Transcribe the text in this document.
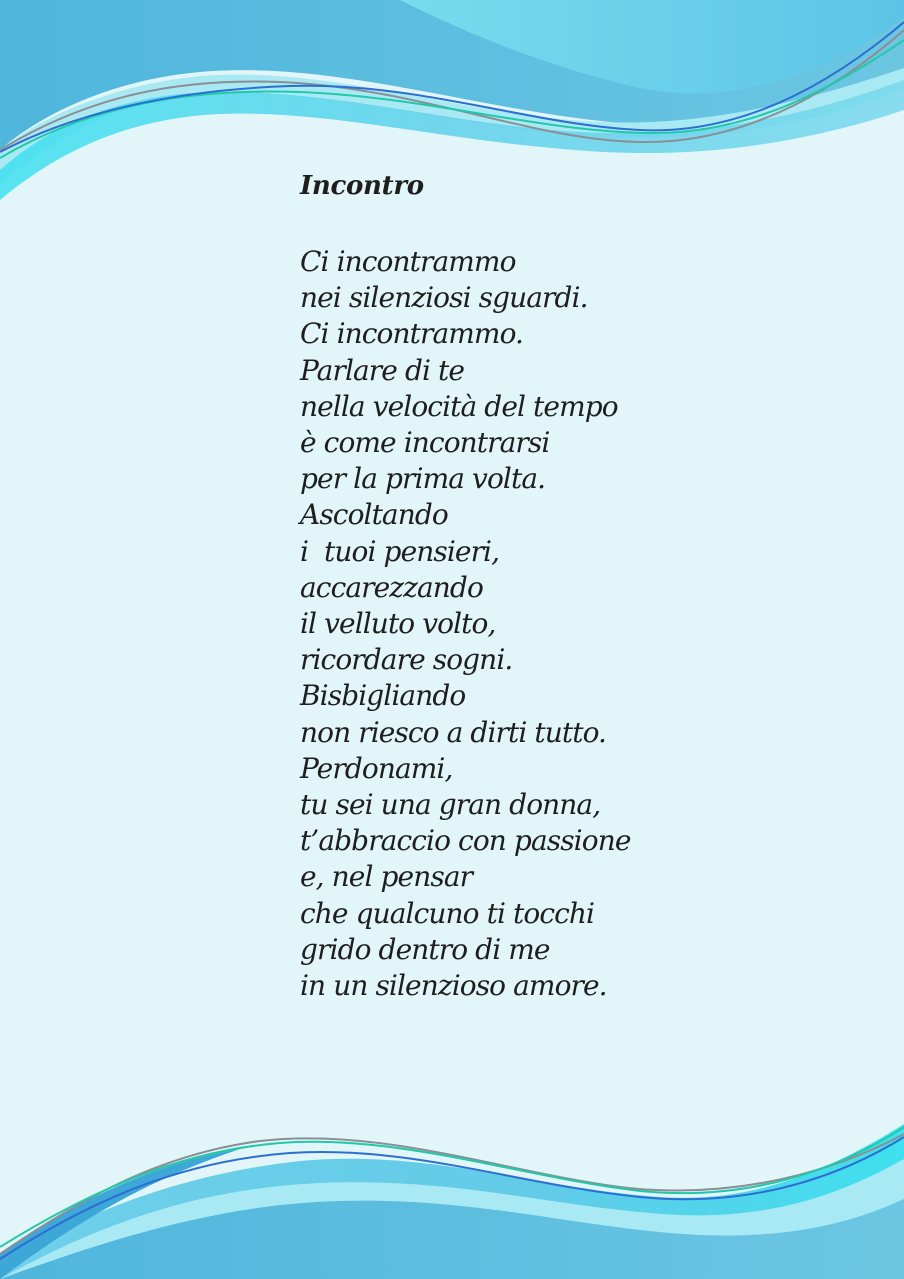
Incontro
Ci incontrammo
nei silenziosi sguardi.
Ci incontrammo.
Parlare di te
nella velocità del tempo
è come incontrarsi
per la prima volta.
Ascoltando
i  tuoi pensieri,
accarezzando
il velluto volto,
ricordare sogni.
Bisbigliando
non riesco a dirti tutto.
Perdonami,
tu sei una gran donna,
t’abbraccio con passione
e, nel pensar
che qualcuno ti tocchi
grido dentro di me
in un silenzioso amore.
